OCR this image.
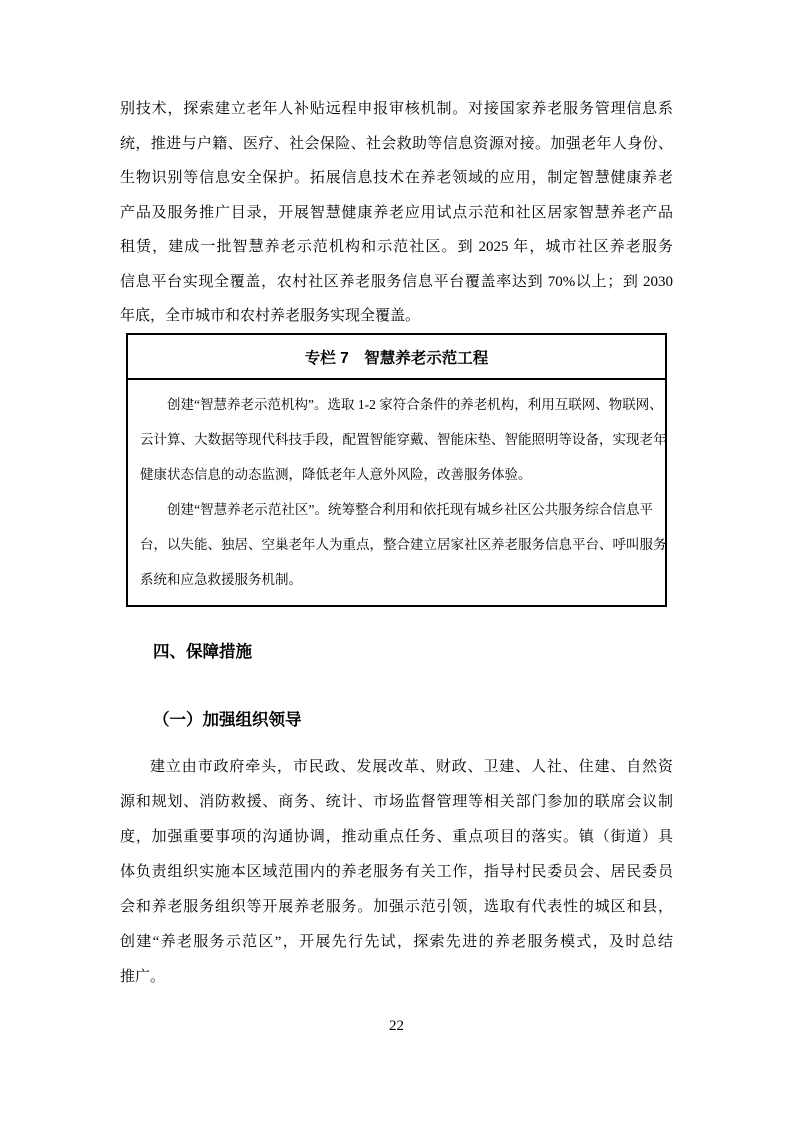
别技术，探索建立老年人补贴远程申报审核机制。对接国家养老服务管理信息系
统，推进与户籍、医疗、社会保险、社会救助等信息资源对接。加强老年人身份、
生物识别等信息安全保护。拓展信息技术在养老领域的应用，制定智慧健康养老
产品及服务推广目录，开展智慧健康养老应用试点示范和社区居家智慧养老产品
租赁，建成一批智慧养老示范机构和示范社区。到 2025 年，城市社区养老服务
信息平台实现全覆盖，农村社区养老服务信息平台覆盖率达到 70%以上；到 2030
年底，全市城市和农村养老服务实现全覆盖。
专栏 7　智慧养老示范工程
创建“智慧养老示范机构”。选取 1-2 家符合条件的养老机构，利用互联网、物联网、
云计算、大数据等现代科技手段，配置智能穿戴、智能床垫、智能照明等设备，实现老年
健康状态信息的动态监测，降低老年人意外风险，改善服务体验。
创建“智慧养老示范社区”。统筹整合利用和依托现有城乡社区公共服务综合信息平
台，以失能、独居、空巢老年人为重点，整合建立居家社区养老服务信息平台、呼叫服务
系统和应急救援服务机制。
四、保障措施
（一）加强组织领导
建立由市政府牵头，市民政、发展改革、财政、卫建、人社、住建、自然资
源和规划、消防救援、商务、统计、市场监督管理等相关部门参加的联席会议制
度，加强重要事项的沟通协调，推动重点任务、重点项目的落实。镇（街道）具
体负责组织实施本区域范围内的养老服务有关工作，指导村民委员会、居民委员
会和养老服务组织等开展养老服务。加强示范引领，选取有代表性的城区和县，
创建“养老服务示范区”，开展先行先试，探索先进的养老服务模式，及时总结
推广。
22
